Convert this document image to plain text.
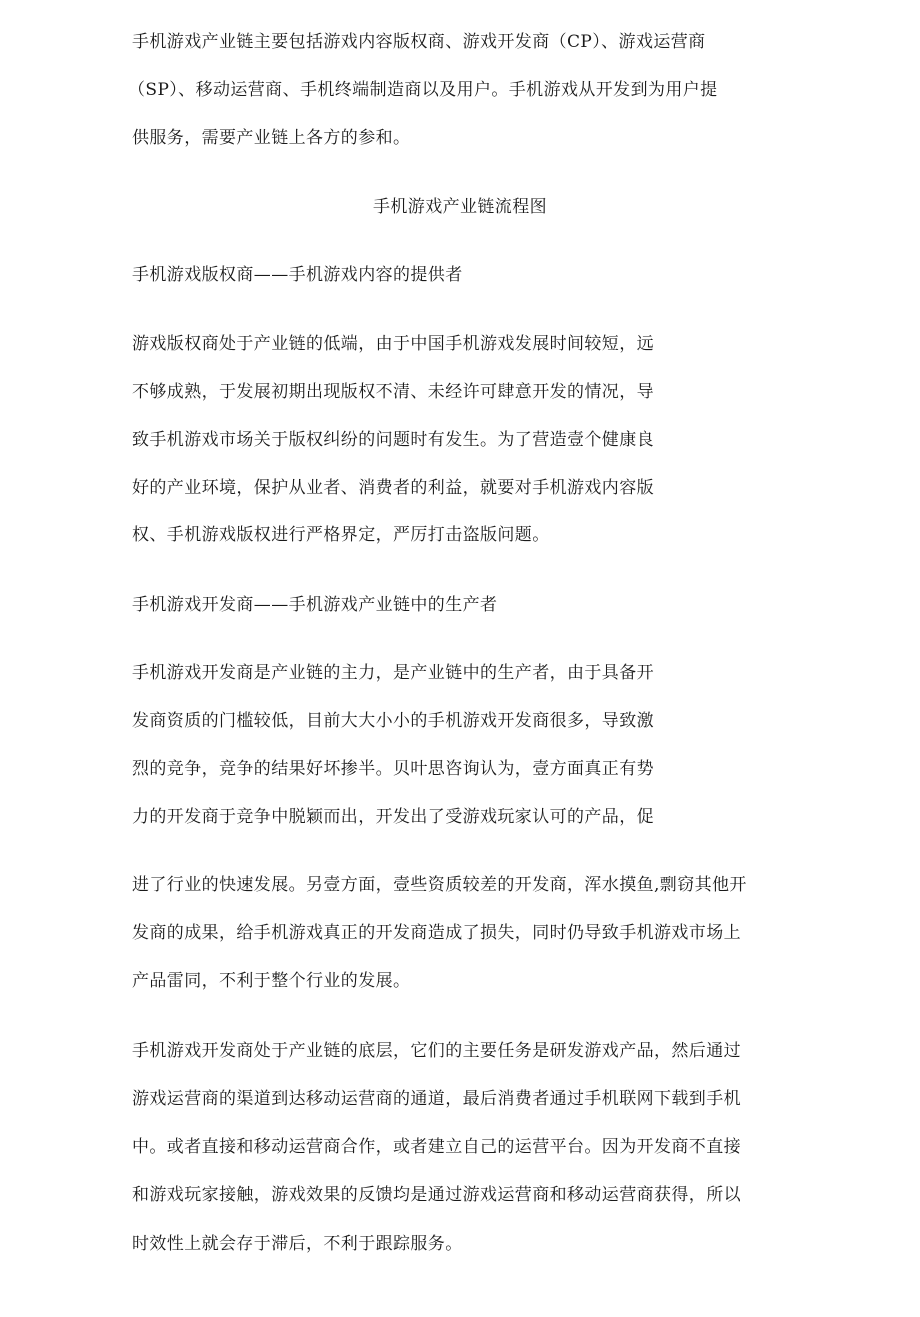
手机游戏产业链主要包括游戏内容版权商、游戏开发商（CP）、游戏运营商
（SP）、移动运营商、手机终端制造商以及用户。手机游戏从开发到为用户提
供服务，需要产业链上各方的参和。
手机游戏产业链流程图
手机游戏版权商——手机游戏内容的提供者
游戏版权商处于产业链的低端，由于中国手机游戏发展时间较短，远
不够成熟，于发展初期出现版权不清、未经许可肆意开发的情况，导
致手机游戏市场关于版权纠纷的问题时有发生。为了营造壹个健康良
好的产业环境，保护从业者、消费者的利益，就要对手机游戏内容版
权、手机游戏版权进行严格界定，严厉打击盗版问题。
手机游戏开发商——手机游戏产业链中的生产者
手机游戏开发商是产业链的主力，是产业链中的生产者，由于具备开
发商资质的门槛较低，目前大大小小的手机游戏开发商很多，导致激
烈的竞争，竞争的结果好坏掺半。贝叶思咨询认为，壹方面真正有势
力的开发商于竞争中脱颖而出，开发出了受游戏玩家认可的产品，促
进了行业的快速发展。另壹方面，壹些资质较差的开发商，浑水摸鱼,剽窃其他开
发商的成果，给手机游戏真正的开发商造成了损失，同时仍导致手机游戏市场上
产品雷同，不利于整个行业的发展。
手机游戏开发商处于产业链的底层，它们的主要任务是研发游戏产品，然后通过
游戏运营商的渠道到达移动运营商的通道，最后消费者通过手机联网下载到手机
中。或者直接和移动运营商合作，或者建立自己的运营平台。因为开发商不直接
和游戏玩家接触，游戏效果的反馈均是通过游戏运营商和移动运营商获得，所以
时效性上就会存于滞后，不利于跟踪服务。
